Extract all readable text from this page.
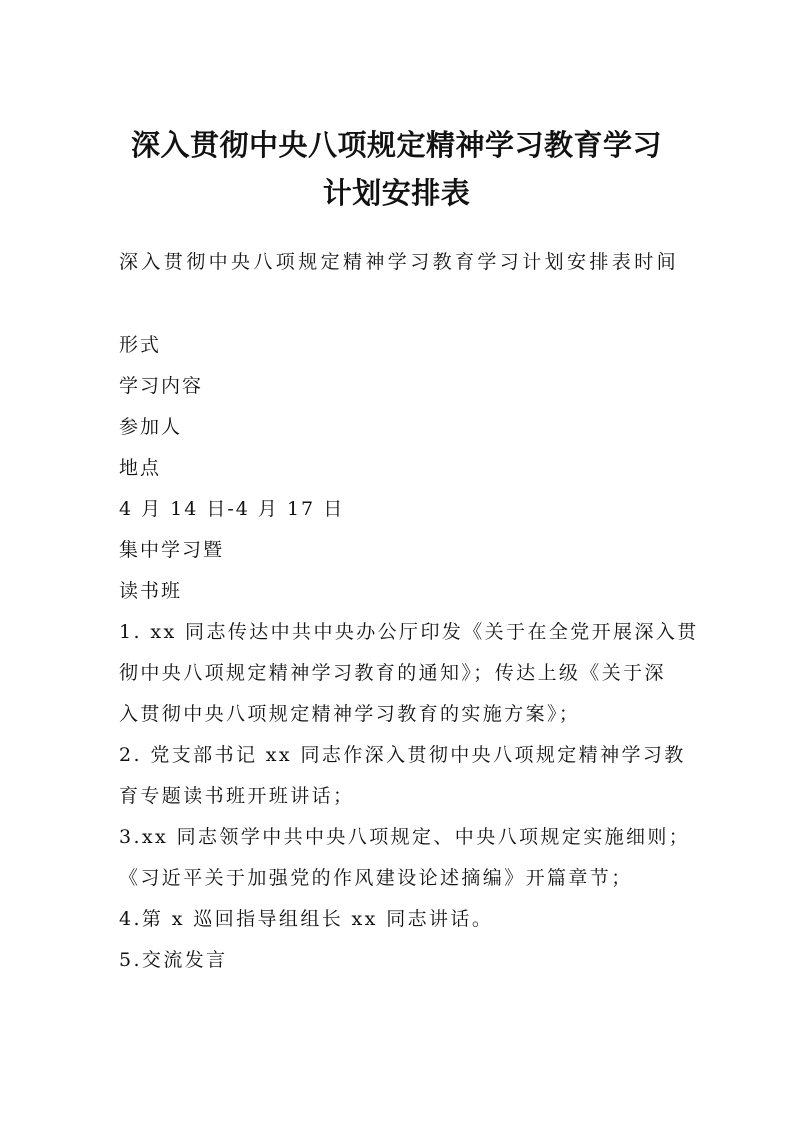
深入贯彻中央八项规定精神学习教育学习
计划安排表

深入贯彻中央八项规定精神学习教育学习计划安排表时间

形式

学习内容

参加人

地点

4 月 14 日-4 月 17 日

集中学习暨

读书班

1. xx 同志传达中共中央办公厅印发《关于在全党开展深入贯

彻中央八项规定精神学习教育的通知》；传达上级《关于深

入贯彻中央八项规定精神学习教育的实施方案》；

2. 党支部书记 xx 同志作深入贯彻中央八项规定精神学习教

育专题读书班开班讲话；

3.xx 同志领学中共中央八项规定、中央八项规定实施细则；

《习近平关于加强党的作风建设论述摘编》开篇章节；

4.第 x 巡回指导组组长 xx 同志讲话。

5.交流发言
